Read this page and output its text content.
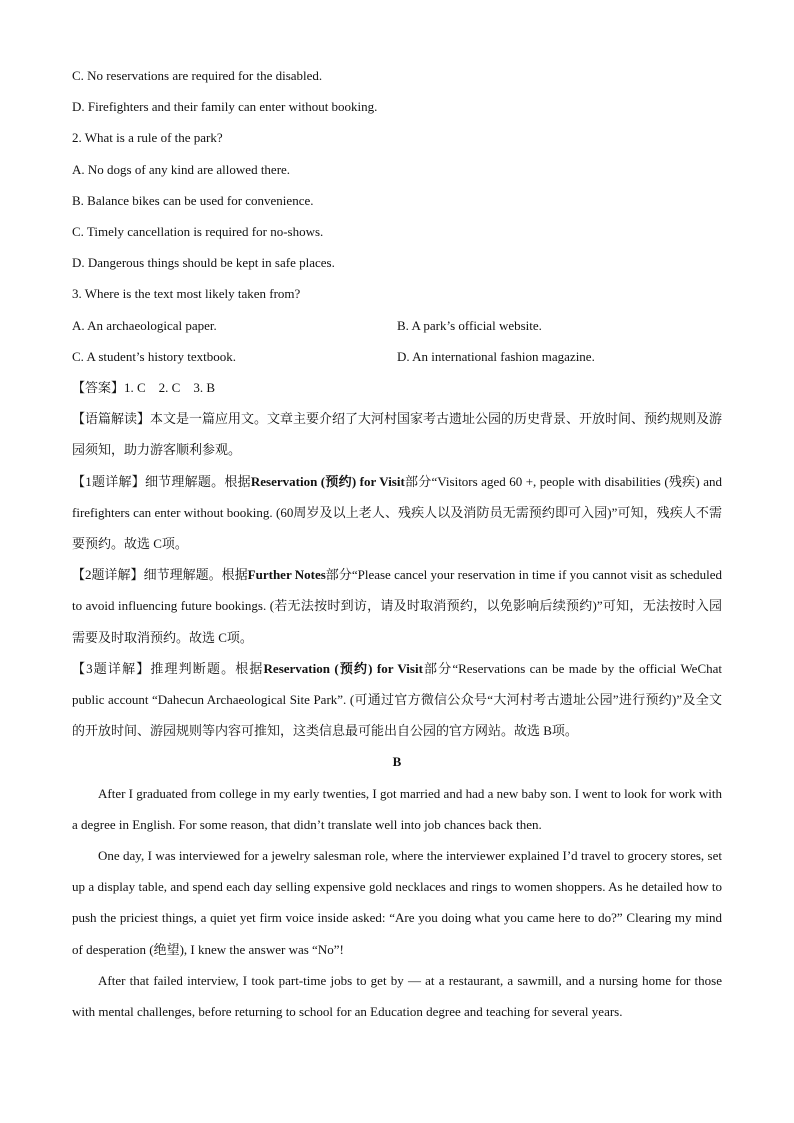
C. No reservations are required for the disabled.
D. Firefighters and their family can enter without booking.
2. What is a rule of the park?
A. No dogs of any kind are allowed there.
B. Balance bikes can be used for convenience.
C. Timely cancellation is required for no-shows.
D. Dangerous things should be kept in safe places.
3. Where is the text most likely taken from?
A. An archaeological paper.	B. A park’s official website.
C. A student’s history textbook.	D. An international fashion magazine.
【答案】1. C    2. C    3. B
【语篇解读】本文是一篇应用文。文章主要介绍了大河村国家考古遗址公园的历史背景、开放时间、预约规则及游园须知，助力游客顺利参观。
【1题详解】细节理解题。根据Reservation (预约) for Visit部分“Visitors aged 60 +, people with disabilities (残疾) and firefighters can enter without booking. (60周岁及以上老人、残疾人以及消防员无需预约即可入园)”可知，残疾人不需要预约。故选 C项。
【2题详解】细节理解题。根据Further Notes部分“Please cancel your reservation in time if you cannot visit as scheduled to avoid influencing future bookings. (若无法按时到访，请及时取消预约，以免影响后续预约)”可知，无法按时入园需要及时取消预约。故选 C项。
【3题详解】推理判断题。根据Reservation (预约) for Visit部分“Reservations can be made by the official WeChat public account “Dahecun Archaeological Site Park”. (可通过官方微信公众号“大河村考古遗址公园”进行预约)”及全文的开放时间、游园规则等内容可推知，这类信息最可能出自公园的官方网站。故选 B项。
B
After I graduated from college in my early twenties, I got married and had a new baby son. I went to look for work with a degree in English. For some reason, that didn’t translate well into job chances back then.
One day, I was interviewed for a jewelry salesman role, where the interviewer explained I’d travel to grocery stores, set up a display table, and spend each day selling expensive gold necklaces and rings to women shoppers. As he detailed how to push the priciest things, a quiet yet firm voice inside asked: “Are you doing what you came here to do?” Clearing my mind of desperation (绝望), I knew the answer was “No”!
After that failed interview, I took part-time jobs to get by — at a restaurant, a sawmill, and a nursing home for those with mental challenges, before returning to school for an Education degree and teaching for several years.
